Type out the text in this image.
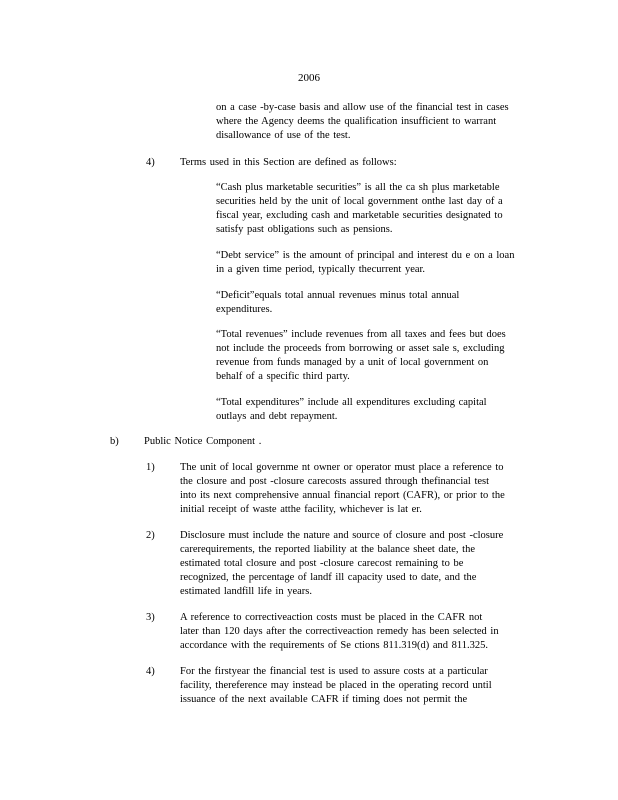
2006
on a case -by-case basis and allow use of the financial test in cases
where the Agency deems the qualification insufficient to warrant
disallowance of use of the test.
4) Terms used in this Section are defined as follows:
“Cash plus marketable securities” is all the ca sh plus marketable
securities held by the unit of local government onthe last day of a
fiscal year, excluding cash and marketable securities designated to
satisfy past obligations such as pensions.
“Debt service” is the amount of principal and interest du e on a loan
in a given time period, typically thecurrent year.
“Deficit”equals total annual revenues minus total annual
expenditures.
“Total revenues” include revenues from all taxes and fees but does
not include the proceeds from borrowing or asset sale s, excluding
revenue from funds managed by a unit of local government on
behalf of a specific third party.
“Total expenditures” include all expenditures excluding capital
outlays and debt repayment.
b) Public Notice Component .
1) The unit of local governme nt owner or operator must place a reference to
the closure and post -closure carecosts assured through thefinancial test
into its next comprehensive annual financial report (CAFR), or prior to the
initial receipt of waste atthe facility, whichever is lat er.
2) Disclosure must include the nature and source of closure and post -closure
carerequirements, the reported liability at the balance sheet date, the
estimated total closure and post -closure carecost remaining to be
recognized, the percentage of landf ill capacity used to date, and the
estimated landfill life in years.
3) A reference to correctiveaction costs must be placed in the CAFR not
later than 120 days after the correctiveaction remedy has been selected in
accordance with the requirements of Se ctions 811.319(d) and 811.325.
4) For the firstyear the financial test is used to assure costs at a particular
facility, thereference may instead be placed in the operating record until
issuance of the next available CAFR if timing does not permit the
